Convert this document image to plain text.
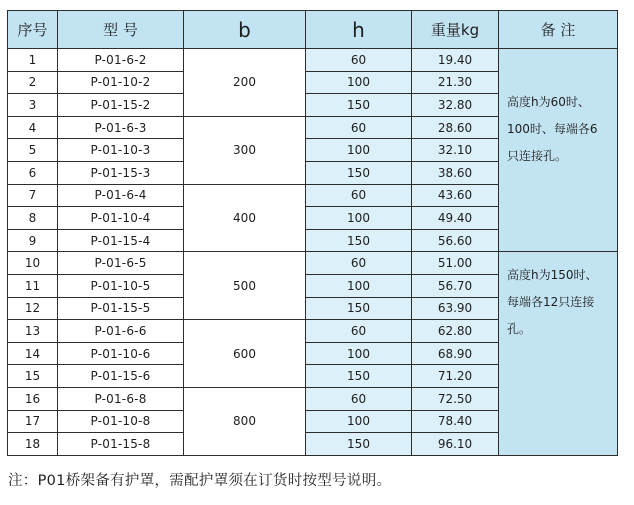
序号	型 号	b	h	重量kg	备 注
1	P-01-6-2	200	60	19.40	高度h为60时、100时、每端各6只连接孔。
2	P-01-10-2		100	21.30	
3	P-01-15-2		150	32.80	
4	P-01-6-3	300	60	28.60	
5	P-01-10-3		100	32.10	
6	P-01-15-3		150	38.60	
7	P-01-6-4	400	60	43.60	
8	P-01-10-4		100	49.40	
9	P-01-15-4		150	56.60	
10	P-01-6-5	500	60	51.00	高度h为150时、每端各12只连接孔。
11	P-01-10-5		100	56.70	
12	P-01-15-5		150	63.90	
13	P-01-6-6	600	60	62.80	
14	P-01-10-6		100	68.90	
15	P-01-15-6		150	71.20	
16	P-01-6-8	800	60	72.50	
17	P-01-10-8		100	78.40	
18	P-01-15-8		150	96.10	
注：P01桥架备有护罩，需配护罩须在订货时按型号说明。
